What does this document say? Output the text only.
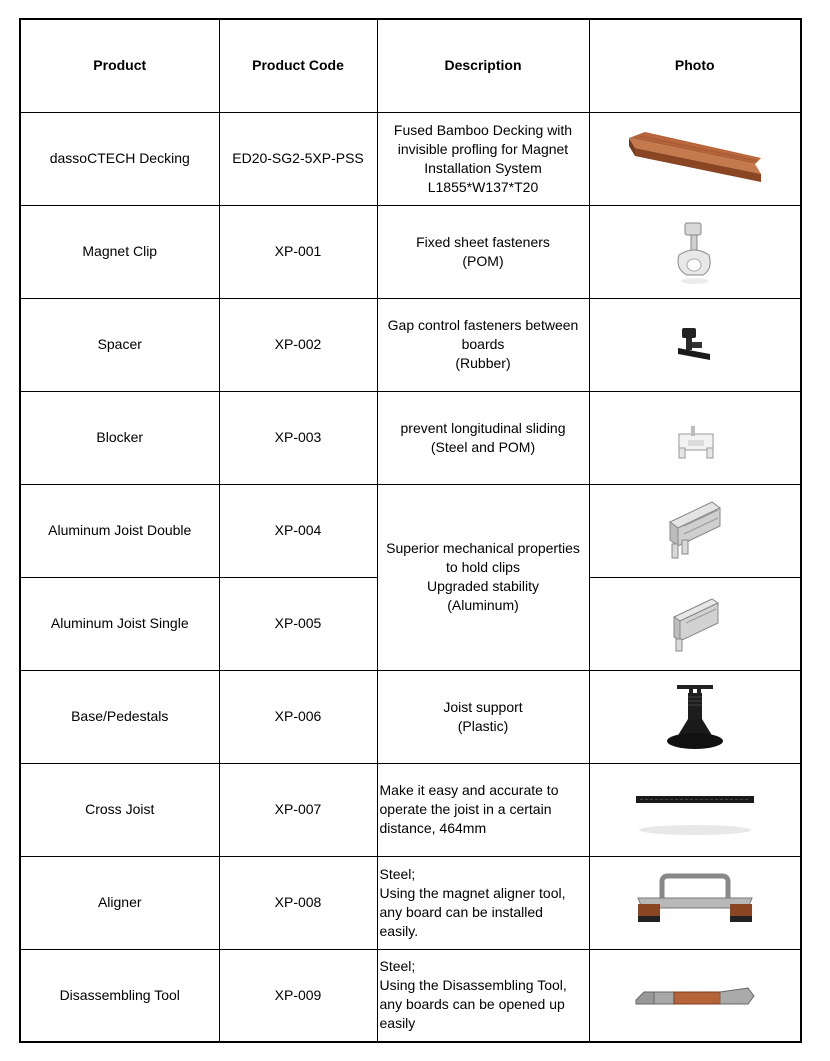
Product	Product Code	Description	Photo
dassoCTECH Decking	ED20-SG2-5XP-PSS	Fused Bamboo Decking with
invisible profling for Magnet
Installation System
L1855*W137*T20	

Magnet Clip	XP-001	Fixed sheet fasteners
(POM)	

Spacer	XP-002	Gap control fasteners between
boards
(Rubber)	

Blocker	XP-003	prevent longitudinal sliding
(Steel and POM)	

Aluminum Joist Double	XP-004	Superior mechanical properties
to hold clips
Upgraded stability
(Aluminum)	

Aluminum Joist Single	XP-005	

Base/Pedestals	XP-006	Joist support
(Plastic)	

Cross Joist	XP-007	Make it easy and accurate to
operate the joist in a certain
distance, 464mm	

Aligner	XP-008	Steel;
Using the magnet aligner tool,
any board can be installed
easily.	

Disassembling Tool	XP-009	Steel;
Using the Disassembling Tool,
any boards can be opened up
easily	
